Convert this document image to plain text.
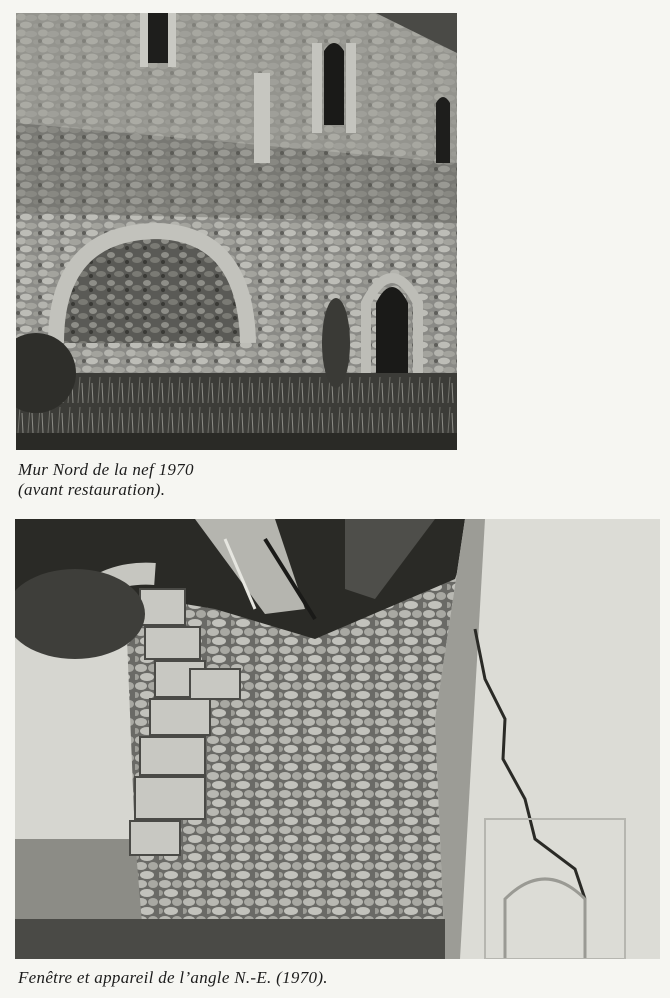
Mur Nord de la nef 1970
(avant restauration).
Fenêtre et appareil de l’angle N.-E. (1970).
